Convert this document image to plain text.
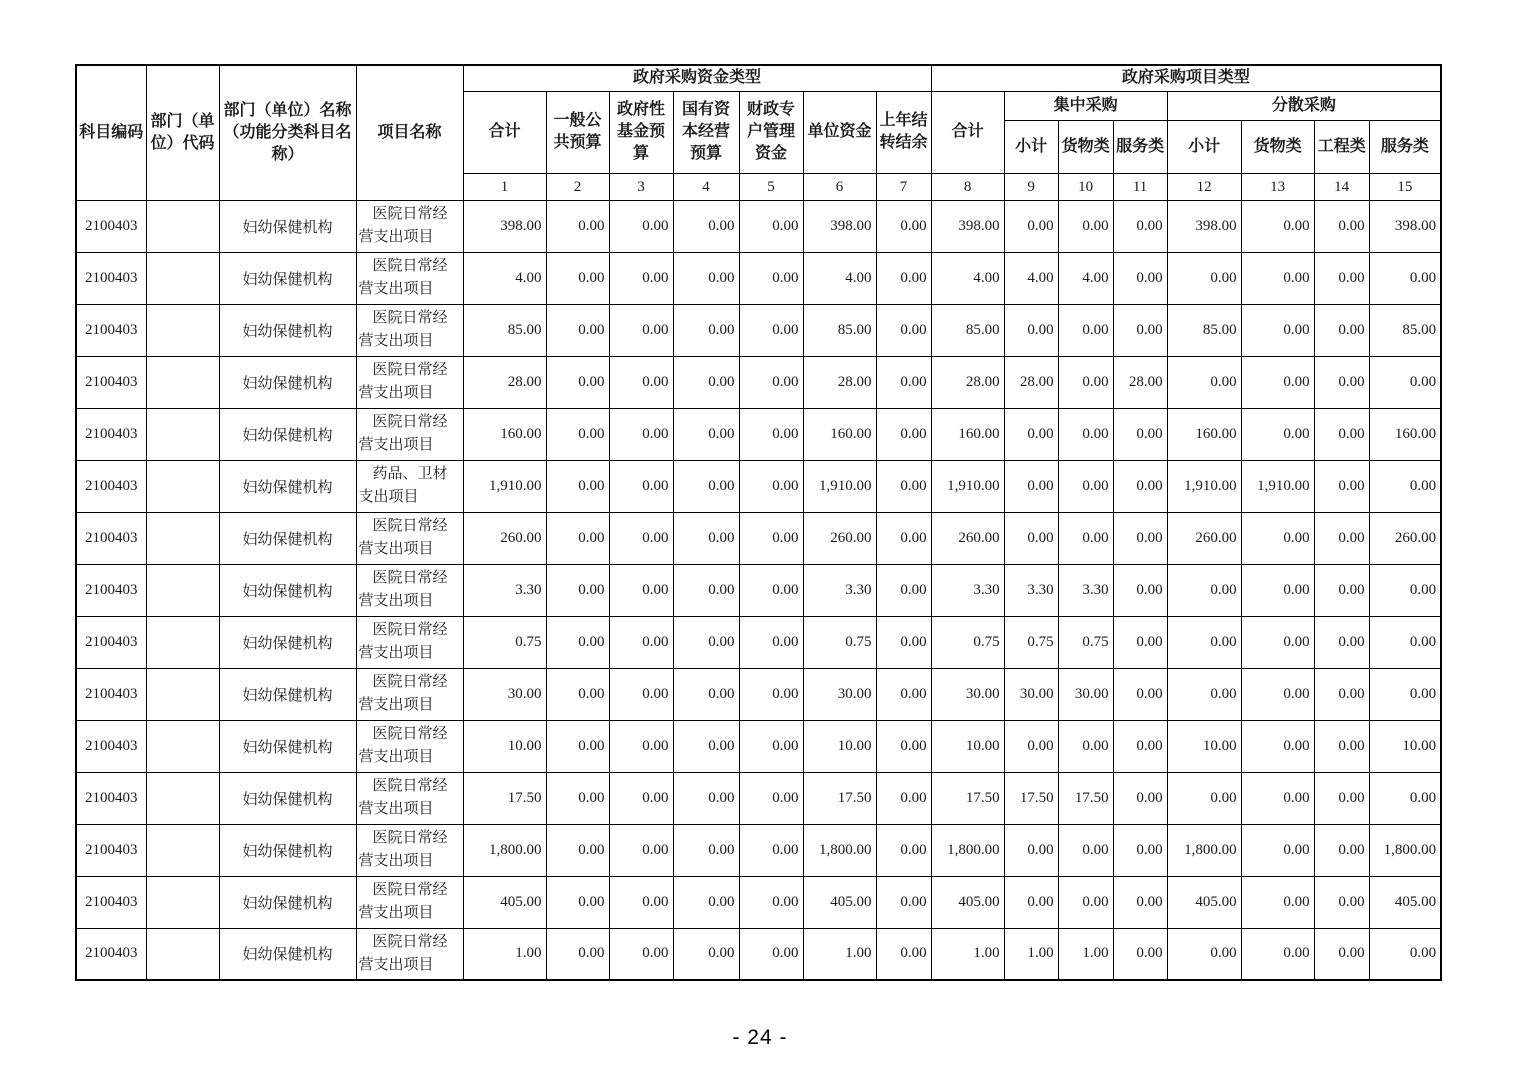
科目编码	部门（单位）代码	部门（单位）名称（功能分类科目名称）	项目名称	政府采购资金类型							政府采购项目类型							
				合计	一般公共预算	政府性基金预算	国有资本经营预算	财政专户管理资金	单位资金	上年结转结余	合计	集中采购			分散采购			
												小计	货物类	服务类	小计	货物类	工程类	服务类
				1	2	3	4	5	6	7	8	9	10	11	12	13	14	15
2100403		妇幼保健机构	医院日常经营支出项目	398.00	0.00	0.00	0.00	0.00	398.00	0.00	398.00	0.00	0.00	0.00	398.00	0.00	0.00	398.00
2100403		妇幼保健机构	医院日常经营支出项目	4.00	0.00	0.00	0.00	0.00	4.00	0.00	4.00	4.00	4.00	0.00	0.00	0.00	0.00	0.00
2100403		妇幼保健机构	医院日常经营支出项目	85.00	0.00	0.00	0.00	0.00	85.00	0.00	85.00	0.00	0.00	0.00	85.00	0.00	0.00	85.00
2100403		妇幼保健机构	医院日常经营支出项目	28.00	0.00	0.00	0.00	0.00	28.00	0.00	28.00	28.00	0.00	28.00	0.00	0.00	0.00	0.00
2100403		妇幼保健机构	医院日常经营支出项目	160.00	0.00	0.00	0.00	0.00	160.00	0.00	160.00	0.00	0.00	0.00	160.00	0.00	0.00	160.00
2100403		妇幼保健机构	药品、卫材支出项目	1,910.00	0.00	0.00	0.00	0.00	1,910.00	0.00	1,910.00	0.00	0.00	0.00	1,910.00	1,910.00	0.00	0.00
2100403		妇幼保健机构	医院日常经营支出项目	260.00	0.00	0.00	0.00	0.00	260.00	0.00	260.00	0.00	0.00	0.00	260.00	0.00	0.00	260.00
2100403		妇幼保健机构	医院日常经营支出项目	3.30	0.00	0.00	0.00	0.00	3.30	0.00	3.30	3.30	3.30	0.00	0.00	0.00	0.00	0.00
2100403		妇幼保健机构	医院日常经营支出项目	0.75	0.00	0.00	0.00	0.00	0.75	0.00	0.75	0.75	0.75	0.00	0.00	0.00	0.00	0.00
2100403		妇幼保健机构	医院日常经营支出项目	30.00	0.00	0.00	0.00	0.00	30.00	0.00	30.00	30.00	30.00	0.00	0.00	0.00	0.00	0.00
2100403		妇幼保健机构	医院日常经营支出项目	10.00	0.00	0.00	0.00	0.00	10.00	0.00	10.00	0.00	0.00	0.00	10.00	0.00	0.00	10.00
2100403		妇幼保健机构	医院日常经营支出项目	17.50	0.00	0.00	0.00	0.00	17.50	0.00	17.50	17.50	17.50	0.00	0.00	0.00	0.00	0.00
2100403		妇幼保健机构	医院日常经营支出项目	1,800.00	0.00	0.00	0.00	0.00	1,800.00	0.00	1,800.00	0.00	0.00	0.00	1,800.00	0.00	0.00	1,800.00
2100403		妇幼保健机构	医院日常经营支出项目	405.00	0.00	0.00	0.00	0.00	405.00	0.00	405.00	0.00	0.00	0.00	405.00	0.00	0.00	405.00
2100403		妇幼保健机构	医院日常经营支出项目	1.00	0.00	0.00	0.00	0.00	1.00	0.00	1.00	1.00	1.00	0.00	0.00	0.00	0.00	0.00
- 24 -
